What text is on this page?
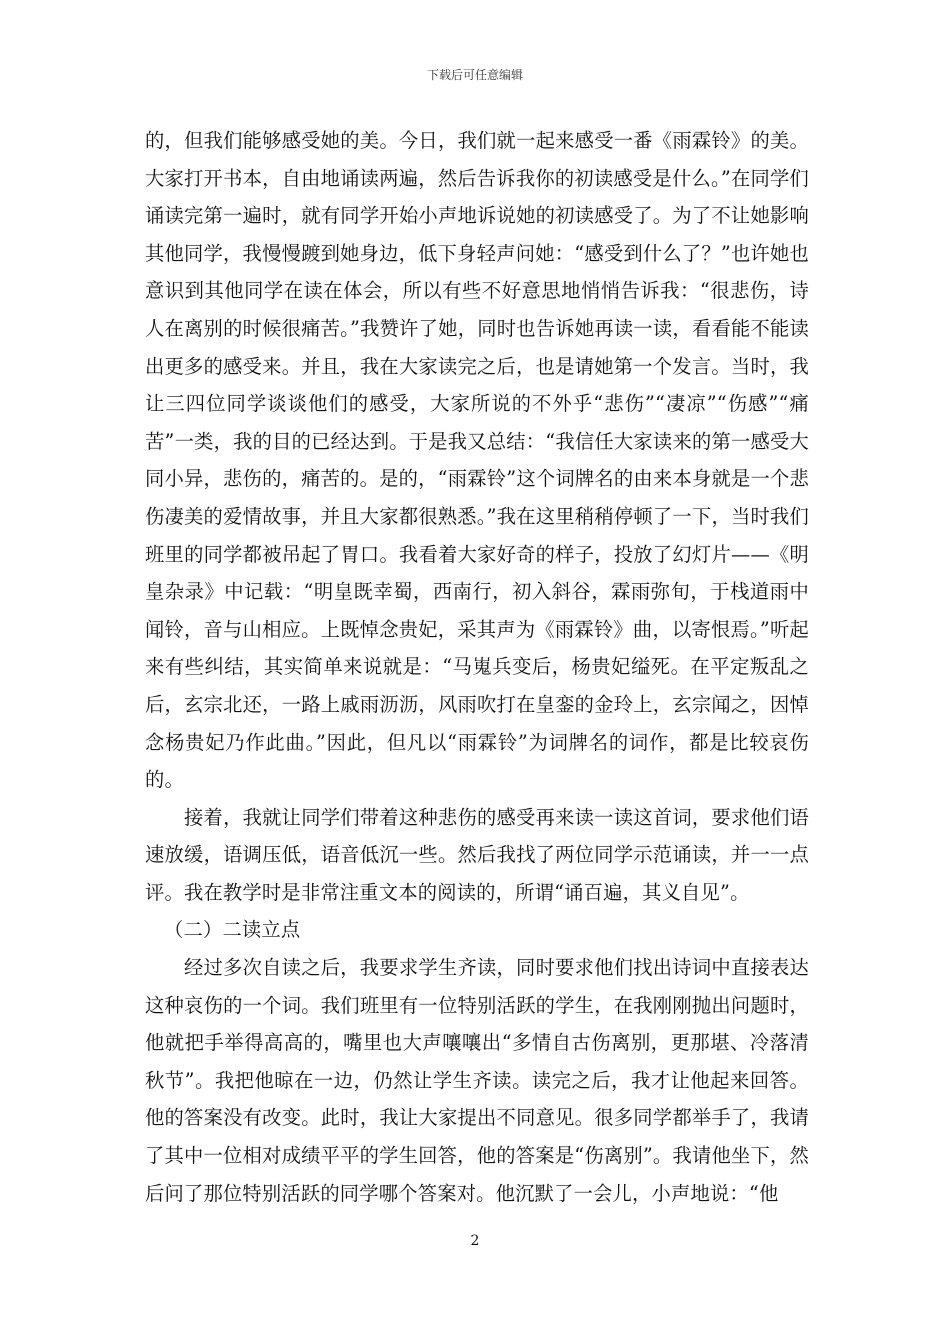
下载后可任意编辑

的，但我们能够感受她的美。今日，我们就一起来感受一番《雨霖铃》的美。大家打开书本，自由地诵读两遍，然后告诉我你的初读感受是什么。”在同学们诵读完第一遍时，就有同学开始小声地诉说她的初读感受了。为了不让她影响其他同学，我慢慢踱到她身边，低下身轻声问她：“感受到什么了？”也许她也意识到其他同学在读在体会，所以有些不好意思地悄悄告诉我：“很悲伤，诗人在离别的时候很痛苦。”我赞许了她，同时也告诉她再读一读，看看能不能读出更多的感受来。并且，我在大家读完之后，也是请她第一个发言。当时，我让三四位同学谈谈他们的感受，大家所说的不外乎“悲伤”“凄凉”“伤感”“痛苦”一类，我的目的已经达到。于是我又总结：“我信任大家读来的第一感受大同小异，悲伤的，痛苦的。是的，“雨霖铃”这个词牌名的由来本身就是一个悲伤凄美的爱情故事，并且大家都很熟悉。”我在这里稍稍停顿了一下，当时我们班里的同学都被吊起了胃口。我看着大家好奇的样子，投放了幻灯片——《明皇杂录》中记载：“明皇既幸蜀，西南行，初入斜谷，霖雨弥旬，于栈道雨中闻铃，音与山相应。上既悼念贵妃，采其声为《雨霖铃》曲，以寄恨焉。”听起来有些纠结，其实简单来说就是：“马嵬兵变后，杨贵妃缢死。在平定叛乱之后，玄宗北还，一路上戚雨沥沥，风雨吹打在皇銮的金玲上，玄宗闻之，因悼念杨贵妃乃作此曲。”因此，但凡以“雨霖铃”为词牌名的词作，都是比较哀伤的。

接着，我就让同学们带着这种悲伤的感受再来读一读这首词，要求他们语速放缓，语调压低，语音低沉一些。然后我找了两位同学示范诵读，并一一点评。我在教学时是非常注重文本的阅读的，所谓“诵百遍，其义自见”。

（二）二读立点

经过多次自读之后，我要求学生齐读，同时要求他们找出诗词中直接表达这种哀伤的一个词。我们班里有一位特别活跃的学生，在我刚刚抛出问题时，他就把手举得高高的，嘴里也大声嚷嚷出“多情自古伤离别，更那堪、冷落清秋节”。我把他晾在一边，仍然让学生齐读。读完之后，我才让他起来回答。他的答案没有改变。此时，我让大家提出不同意见。很多同学都举手了，我请了其中一位相对成绩平平的学生回答，他的答案是“伤离别”。我请他坐下，然后问了那位特别活跃的同学哪个答案对。他沉默了一会儿，小声地说：“他

2
